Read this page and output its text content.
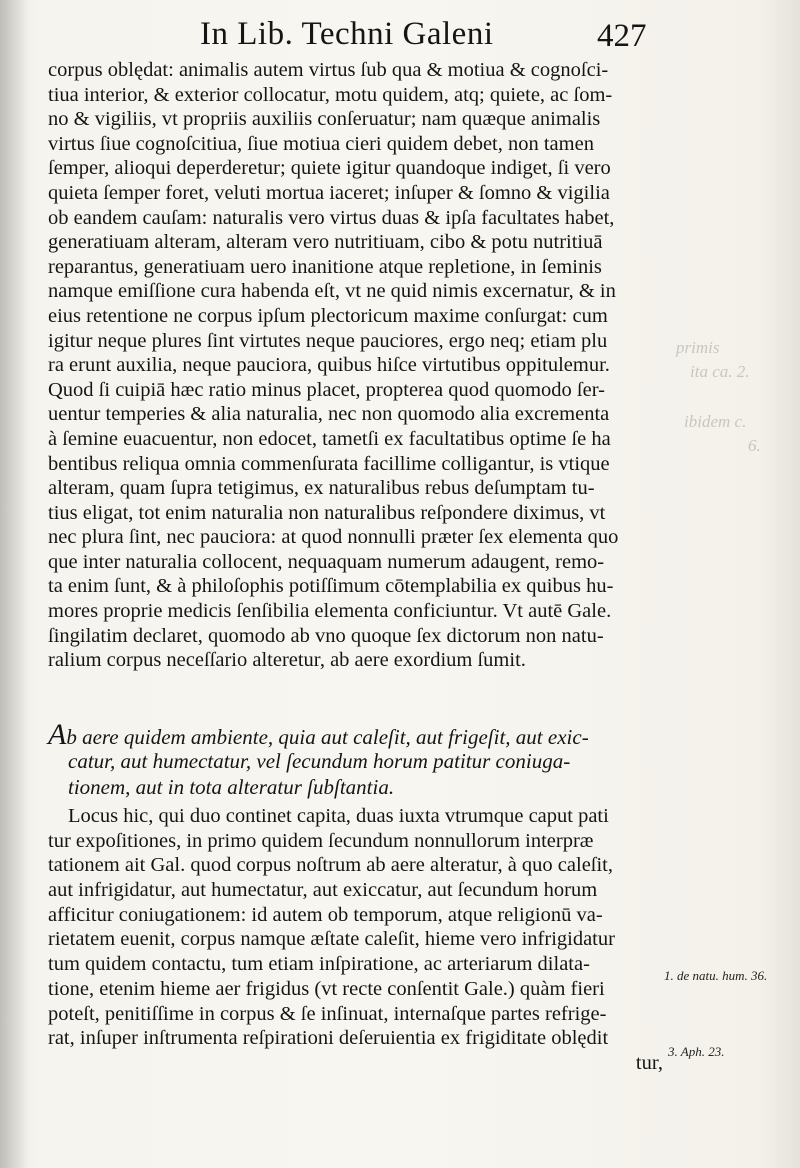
In Lib. Techni Galeni	427
corpus oblędat: animalis autem virtus ſub qua & motiua & cognoſci-
tiua interior, & exterior collocatur, motu quidem, atq; quiete, ac ſom-
no & vigiliis, vt propriis auxiliis conſeruatur; nam quæque animalis
virtus ſiue cognoſcitiua, ſiue motiua cieri quidem debet, non tamen
ſemper, alioqui deperderetur; quiete igitur quandoque indiget, ſi vero
quieta ſemper foret, veluti mortua iaceret; inſuper & ſomno & vigilia
ob eandem cauſam: naturalis vero virtus duas & ipſa facultates habet,
generatiuam alteram, alteram vero nutritiuam, cibo & potu nutritiuā
reparantus, generatiuam uero inanitione atque repletione, in ſeminis
namque emiſſione cura habenda eſt, vt ne quid nimis excernatur, & in
eius retentione ne corpus ipſum plectoricum maxime conſurgat: cum
igitur neque plures ſint virtutes neque pauciores, ergo neq; etiam plu
ra erunt auxilia, neque pauciora, quibus hiſce virtutibus oppitulemur.
Quod ſi cuipiā hæc ratio minus placet, propterea quod quomodo ſer-
uentur temperies & alia naturalia, nec non quomodo alia excrementa
à ſemine euacuentur, non edocet, tametſi ex facultatibus optime ſe ha
bentibus reliqua omnia commenſurata facillime colligantur, is vtique
alteram, quam ſupra tetigimus, ex naturalibus rebus deſumptam tu-
tius eligat, tot enim naturalia non naturalibus reſpondere diximus, vt
nec plura ſint, nec pauciora: at quod nonnulli præter ſex elementa quo
que inter naturalia collocent, nequaquam numerum adaugent, remo-
ta enim ſunt, & à philoſophis potiſſimum cōtemplabilia ex quibus hu-
mores proprie medicis ſenſibilia elementa conficiuntur. Vt autē Gale.
ſingilatim declaret, quomodo ab vno quoque ſex dictorum non natu-
ralium corpus neceſſario alteretur, ab aere exordium ſumit.
Ab aere quidem ambiente, quia aut caleſit, aut frigeſit, aut exic-
catur, aut humectatur, vel ſecundum horum patitur coniuga-
tionem, aut in tota alteratur ſubſtantia.
Locus hic, qui duo continet capita, duas iuxta vtrumque caput pati
tur expoſitiones, in primo quidem ſecundum nonnullorum interpræ
tationem ait Gal. quod corpus noſtrum ab aere alteratur, à quo caleſit,
aut infrigidatur, aut humectatur, aut exiccatur, aut ſecundum horum
afficitur coniugationem: id autem ob temporum, atque religionū va-
rietatem euenit, corpus namque æſtate caleſit, hieme vero infrigidatur
tum quidem contactu, tum etiam inſpiratione, ac arteriarum dilata-
tione, etenim hieme aer frigidus (vt recte conſentit Gale.) quàm fieri
poteſt, penitiſſime in corpus & ſe inſinuat, internaſque partes refrige-
rat, inſuper inſtrumenta reſpirationi deſeruientia ex frigiditate oblędit
tur,
1. de natu. hum. 36.
3. Aph. 23.
primis
ita ca. 2.
ibidem c.
6.
